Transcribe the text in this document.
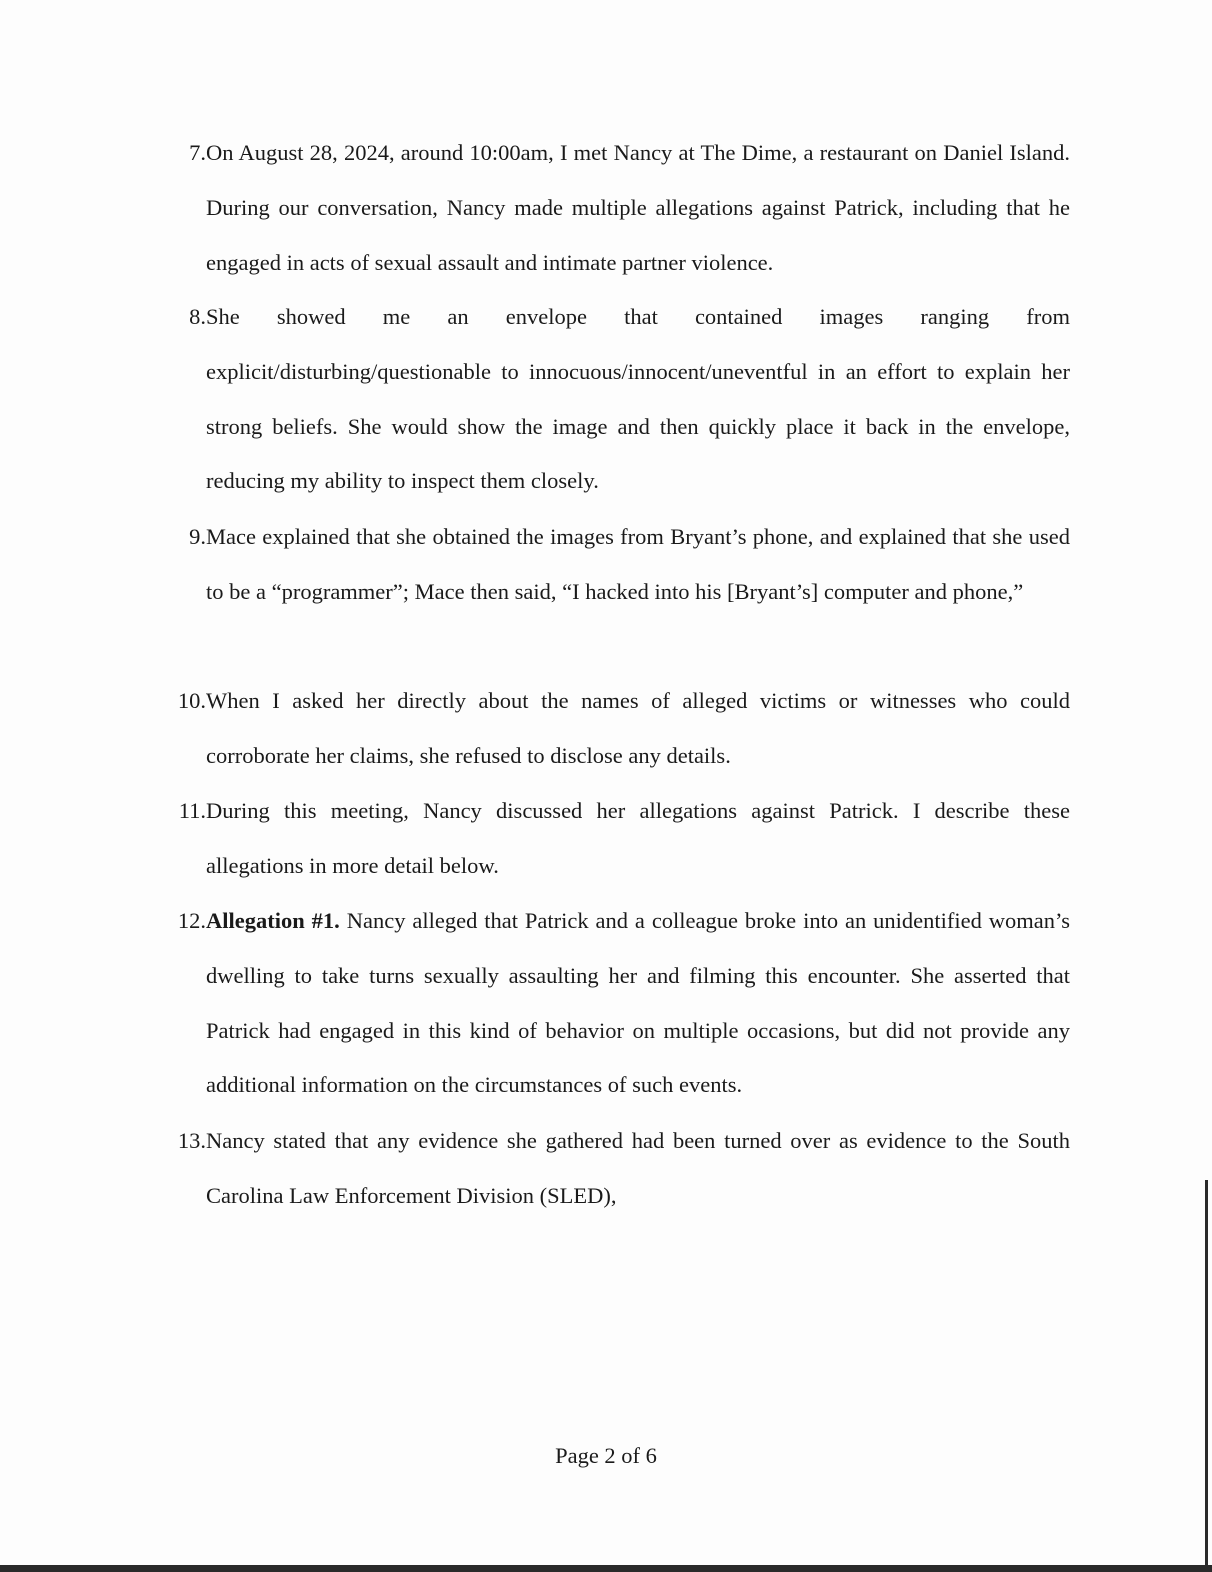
7. On August 28, 2024, around 10:00am, I met Nancy at The Dime, a restaurant on Daniel Island. During our conversation, Nancy made multiple allegations against Patrick, including that he engaged in acts of sexual assault and intimate partner violence.
8. She showed me an envelope that contained images ranging from explicit/disturbing/questionable to innocuous/innocent/uneventful in an effort to explain her strong beliefs. She would show the image and then quickly place it back in the envelope, reducing my ability to inspect them closely.
9. Mace explained that she obtained the images from Bryant’s phone, and explained that she used to be a “programmer”; Mace then said, “I hacked into his [Bryant’s] computer and phone,”
10. When I asked her directly about the names of alleged victims or witnesses who could corroborate her claims, she refused to disclose any details.
11. During this meeting, Nancy discussed her allegations against Patrick. I describe these allegations in more detail below.
12. Allegation #1. Nancy alleged that Patrick and a colleague broke into an unidentified woman’s dwelling to take turns sexually assaulting her and filming this encounter. She asserted that Patrick had engaged in this kind of behavior on multiple occasions, but did not provide any additional information on the circumstances of such events.
13. Nancy stated that any evidence she gathered had been turned over as evidence to the South Carolina Law Enforcement Division (SLED),
Page 2 of 6
